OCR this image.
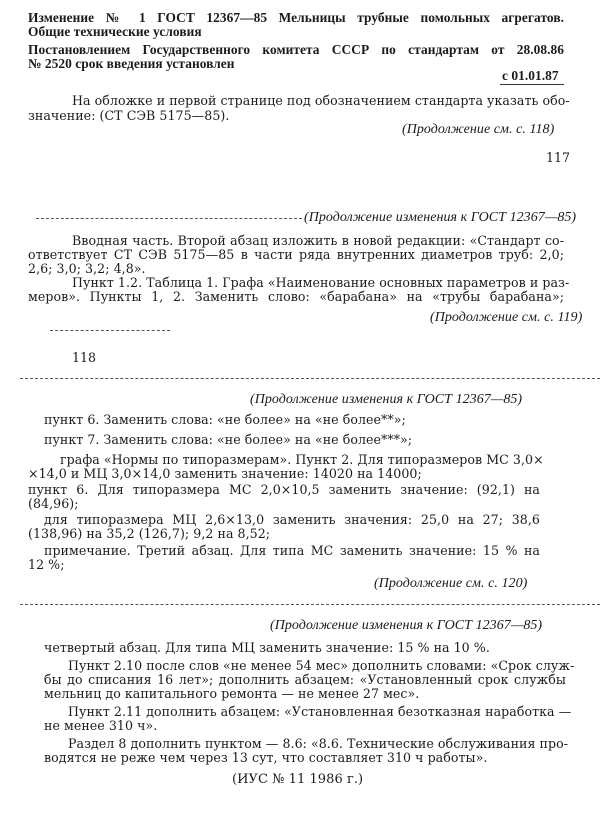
Изменение № 1 ГОСТ 12367—85 Мельницы трубные помольных агрегатов.
Общие технические условия
Постановлением Государственного комитета СССР по стандартам от 28.08.86
№ 2520 срок введения установлен
с 01.01.87
На обложке и первой странице под обозначением стандарта указать обо-
значение: (СТ СЭВ 5175—85).
(Продолжение см. с. 118)
117
(Продолжение изменения к ГОСТ 12367—85)
Вводная часть. Второй абзац изложить в новой редакции: «Стандарт со-
ответствует СТ СЭВ 5175—85 в части ряда внутренних диаметров труб: 2,0;
2,6; 3,0; 3,2; 4,8».
Пункт 1.2. Таблица 1. Графа «Наименование основных параметров и раз-
меров». Пункты 1, 2. Заменить слово: «барабана» на «трубы барабана»;
(Продолжение см. с. 119)
118
(Продолжение изменения к ГОСТ 12367—85)
пункт 6. Заменить слова: «не более» на «не более**»;
пункт 7. Заменить слова: «не более» на «не более***»;
графа «Нормы по типоразмерам». Пункт 2. Для типоразмеров МС 3,0×
×14,0 и МЦ 3,0×14,0 заменить значение: 14020 на 14000;
пункт 6. Для типоразмера МС 2,0×10,5 заменить значение: (92,1) на
(84,96);
для типоразмера МЦ 2,6×13,0 заменить значения: 25,0 на 27; 38,6
(138,96) на 35,2 (126,7); 9,2 на 8,52;
примечание. Третий абзац. Для типа МС заменить значение: 15 % на
12 %;
(Продолжение см. с. 120)
(Продолжение изменения к ГОСТ 12367—85)
четвертый абзац. Для типа МЦ заменить значение: 15 % на 10 %.
Пункт 2.10 после слов «не менее 54 мес» дополнить словами: «Срок служ-
бы до списания 16 лет»; дополнить абзацем: «Установленный срок службы
мельниц до капитального ремонта — не менее 27 мес».
Пункт 2.11 дополнить абзацем: «Установленная безотказная наработка —
не менее 310 ч».
Раздел 8 дополнить пунктом — 8.6: «8.6. Технические обслуживания про-
водятся не реже чем через 13 сут, что составляет 310 ч работы».
(ИУС № 11 1986 г.)
